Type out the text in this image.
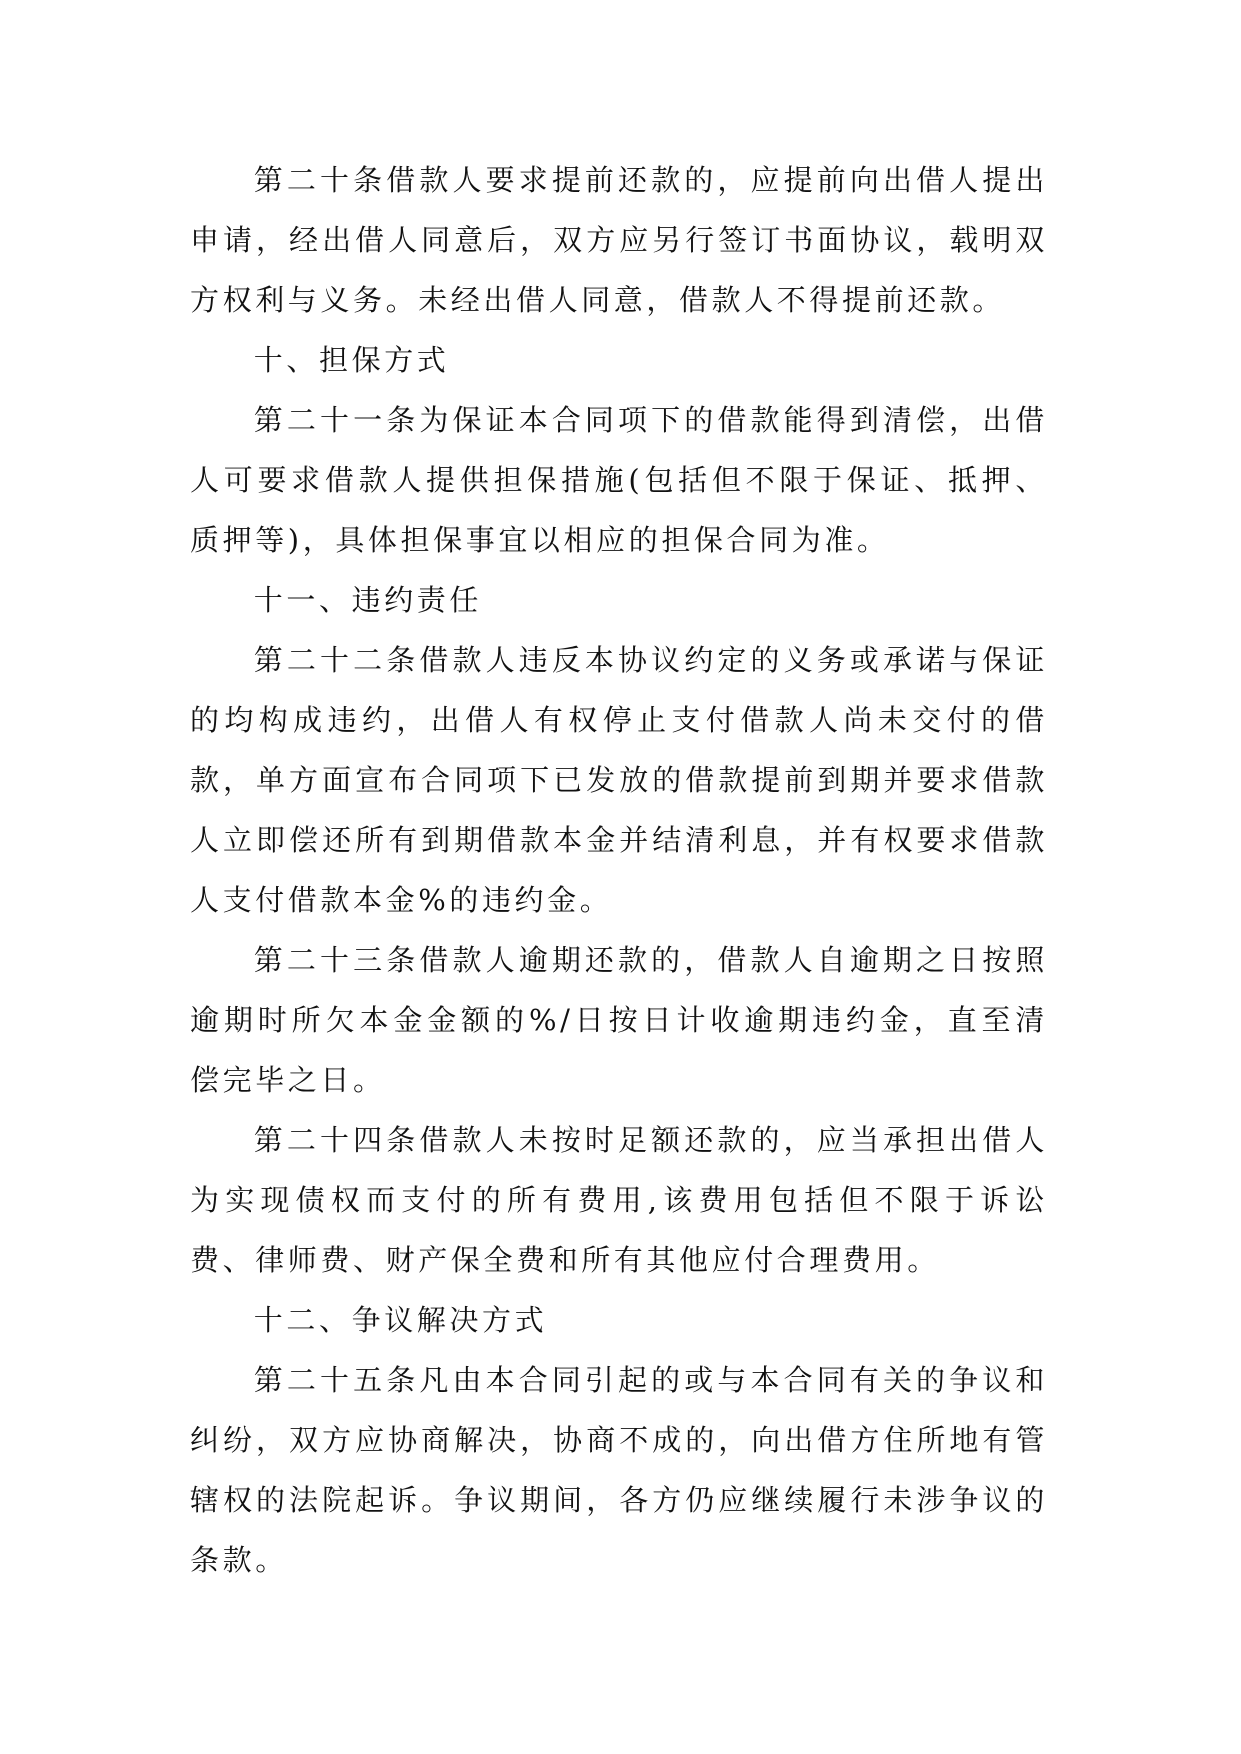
第二十条借款人要求提前还款的，应提前向出借人提出申请，经出借人同意后，双方应另行签订书面协议，载明双方权利与义务。未经出借人同意，借款人不得提前还款。

十、担保方式

第二十一条为保证本合同项下的借款能得到清偿，出借人可要求借款人提供担保措施(包括但不限于保证、抵押、质押等)，具体担保事宜以相应的担保合同为准。

十一、违约责任

第二十二条借款人违反本协议约定的义务或承诺与保证的均构成违约，出借人有权停止支付借款人尚未交付的借款，单方面宣布合同项下已发放的借款提前到期并要求借款人立即偿还所有到期借款本金并结清利息，并有权要求借款人支付借款本金%的违约金。

第二十三条借款人逾期还款的，借款人自逾期之日按照逾期时所欠本金金额的%/日按日计收逾期违约金，直至清偿完毕之日。

第二十四条借款人未按时足额还款的，应当承担出借人为实现债权而支付的所有费用,该费用包括但不限于诉讼费、律师费、财产保全费和所有其他应付合理费用。

十二、争议解决方式

第二十五条凡由本合同引起的或与本合同有关的争议和纠纷，双方应协商解决，协商不成的，向出借方住所地有管辖权的法院起诉。争议期间，各方仍应继续履行未涉争议的条款。
